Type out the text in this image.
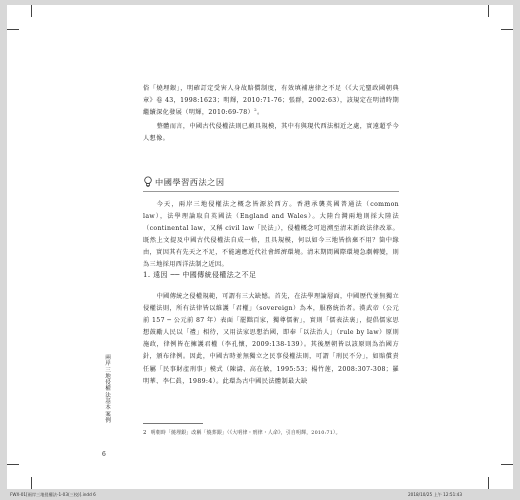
俗「燒埋銀」，明確訂定受害人身故賠償制度，有效填補唐律之不足（《大元聖政國朝典章》卷 43，1998:1623；明輝，2010:71-76；張群，2002:63），該規定在明清時期繼續深化發展（明輝，2010:69-78）$^2$。

整體而言，中國古代侵權法則已頗具規模，其中有與現代西法相近之處，實遠超乎今人想像。

中國學習西法之因

今天，兩岸三地侵權法之概念皆源於西方。香港承襲英國普通法（common law），法學理論取自英國法（England and Wales）。大陸台灣兩地則採大陸法（continental law，又稱 civil law「民法」），侵權概念可追溯至清末新政法律改革。既然上文提及中國古代侵權法自成一格，且具規模，何以如今三地皆捨棄不用？箇中緣由，實因其有先天之不足，不能適應近代社會經濟環境。清末期間國際環境急劇轉變，則為三地採用西洋法制之近因。

1. 遠因 ── 中國傳統侵權法之不足

中國傳統之侵權規範，可謂有三大缺憾。首先，在法學理論層面，中國歷代並無獨立侵權法則，所有法律皆以維護「君權」（sovereign）為本，服務統治者。漢武帝（公元前 157 ─ 公元前 87 年）表面「罷黜百家，獨尊儒術」，實則「儒表法裏」，提倡儒家思想鼓勵人民以「禮」相待，又用法家思想治國，即奉「以法治人」（rule by law）原則施政，律例皆在擁護君權（李孔懷，2009:138-139）。其後歷朝皆以該原則為治國方針，頒布律例。因此，中國古時並無獨立之民事侵權法則，可謂「刑民不分」，如賠償責任屬「民事財產刑事」模式（陳濤、高在敏，1995:53；楊竹莲，2008:307-308；羅明華、李仁眞，1989:4）。此環為古中國民法體制最大缺

2 明朝時「燒埋銀」改稱「燒葬銀」（《大明律・刑律・人命》，引自明輝，2010:71）。
兩岸三地侵權法基本案例
6
FWX-01[兩岸三地侵權法-1-03(三校)].indd 6	2018/10/25 上午 12:51:43
